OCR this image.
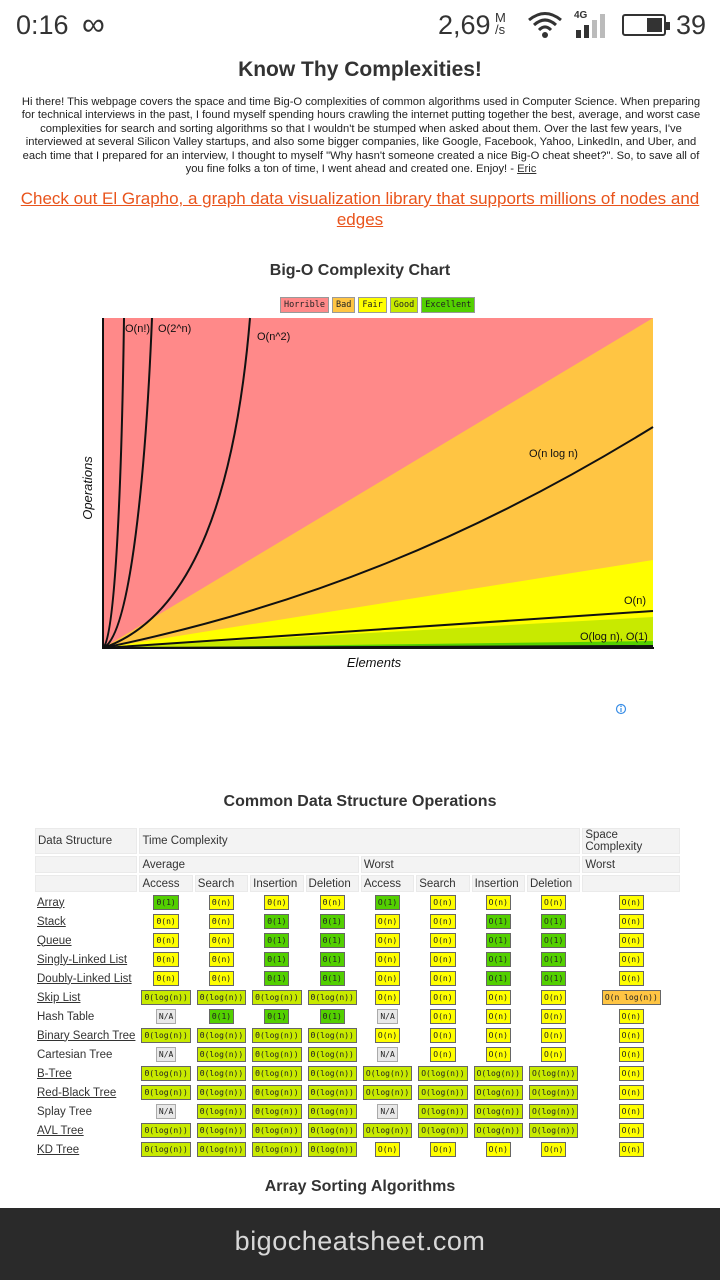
0:16 ∞	2,69 M
/s
4G	39
Know Thy Complexities!

Hi there! This webpage covers the space and time Big-O complexities of common algorithms used in Computer Science. When preparing for technical interviews in the past, I found myself spending hours crawling the internet putting together the best, average, and worst case complexities for search and sorting algorithms so that I wouldn't be stumped when asked about them. Over the last few years, I've interviewed at several Silicon Valley startups, and also some bigger companies, like Google, Facebook, Yahoo, LinkedIn, and Uber, and each time that I prepared for an interview, I thought to myself "Why hasn't someone created a nice Big-O cheat sheet?". So, to save all of you fine folks a ton of time, I went ahead and created one. Enjoy! - Eric

Check out El Grapho, a graph data visualization library that supports millions of nodes and edges
Big-O Complexity Chart
Horrible	Bad	Fair	Good	Excellent
O(n!) O(2^n)
O(n^2)
O(n log n)
O(n)
O(log n), O(1)
Elements
Operations
Common Data Structure Operations
Data Structure	Time Complexity								Space Complexity
	Average				Worst				Worst
	Access	Search	Insertion	Deletion	Access	Search	Insertion	Deletion	
Array	Θ(1)	Θ(n)	Θ(n)	Θ(n)	O(1)	O(n)	O(n)	O(n)	O(n)
Stack	Θ(n)	Θ(n)	Θ(1)	Θ(1)	O(n)	O(n)	O(1)	O(1)	O(n)
Queue	Θ(n)	Θ(n)	Θ(1)	Θ(1)	O(n)	O(n)	O(1)	O(1)	O(n)
Singly-Linked List	Θ(n)	Θ(n)	Θ(1)	Θ(1)	O(n)	O(n)	O(1)	O(1)	O(n)
Doubly-Linked List	Θ(n)	Θ(n)	Θ(1)	Θ(1)	O(n)	O(n)	O(1)	O(1)	O(n)
Skip List	Θ(log(n))	Θ(log(n))	Θ(log(n))	Θ(log(n))	O(n)	O(n)	O(n)	O(n)	O(n log(n))
Hash Table	N/A	Θ(1)	Θ(1)	Θ(1)	N/A	O(n)	O(n)	O(n)	O(n)
Binary Search Tree	Θ(log(n))	Θ(log(n))	Θ(log(n))	Θ(log(n))	O(n)	O(n)	O(n)	O(n)	O(n)
Cartesian Tree	N/A	Θ(log(n))	Θ(log(n))	Θ(log(n))	N/A	O(n)	O(n)	O(n)	O(n)
B-Tree	Θ(log(n))	Θ(log(n))	Θ(log(n))	Θ(log(n))	O(log(n))	O(log(n))	O(log(n))	O(log(n))	O(n)
Red-Black Tree	Θ(log(n))	Θ(log(n))	Θ(log(n))	Θ(log(n))	O(log(n))	O(log(n))	O(log(n))	O(log(n))	O(n)
Splay Tree	N/A	Θ(log(n))	Θ(log(n))	Θ(log(n))	N/A	O(log(n))	O(log(n))	O(log(n))	O(n)
AVL Tree	Θ(log(n))	Θ(log(n))	Θ(log(n))	Θ(log(n))	O(log(n))	O(log(n))	O(log(n))	O(log(n))	O(n)
KD Tree	Θ(log(n))	Θ(log(n))	Θ(log(n))	Θ(log(n))	O(n)	O(n)	O(n)	O(n)	O(n)
Array Sorting Algorithms
bigocheatsheet.com
